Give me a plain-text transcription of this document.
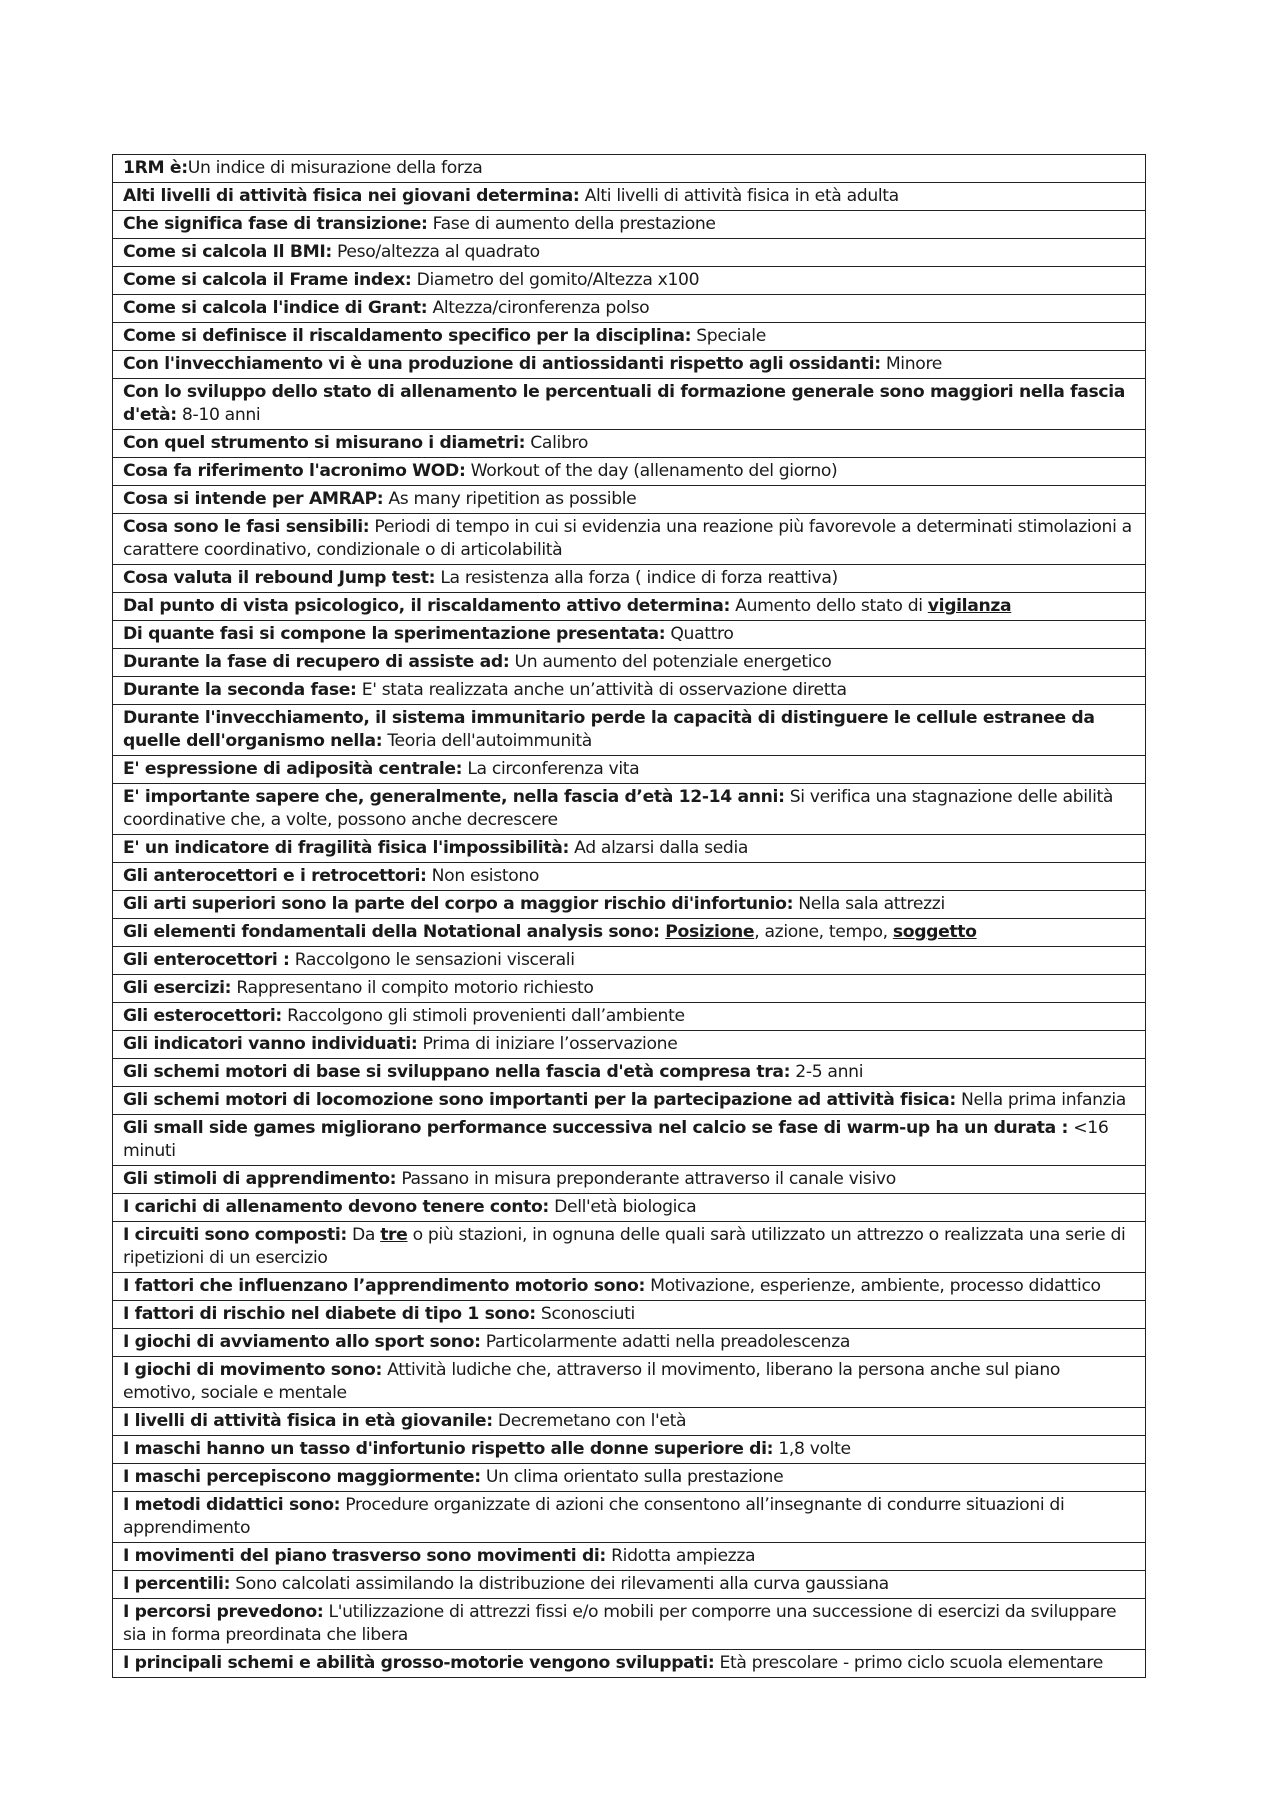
1RM è:Un indice di misurazione della forza
Alti livelli di attività fisica nei giovani determina: Alti livelli di attività fisica in età adulta
Che significa fase di transizione: Fase di aumento della prestazione
Come si calcola Il BMI: Peso/altezza al quadrato
Come si calcola il Frame index: Diametro del gomito/Altezza x100
Come si calcola l'indice di Grant: Altezza/cironferenza polso
Come si definisce il riscaldamento specifico per la disciplina: Speciale
Con l'invecchiamento vi è una produzione di antiossidanti rispetto agli ossidanti: Minore
Con lo sviluppo dello stato di allenamento le percentuali di formazione generale sono maggiori nella fascia d'età: 8-10 anni
Con quel strumento si misurano i diametri: Calibro
Cosa fa riferimento l'acronimo WOD: Workout of the day (allenamento del giorno)
Cosa si intende per AMRAP: As many ripetition as possible
Cosa sono le fasi sensibili: Periodi di tempo in cui si evidenzia una reazione più favorevole a determinati stimolazioni a carattere coordinativo, condizionale o di articolabilità
Cosa valuta il rebound Jump test: La resistenza alla forza ( indice di forza reattiva)
Dal punto di vista psicologico, il riscaldamento attivo determina: Aumento dello stato di vigilanza
Di quante fasi si compone la sperimentazione presentata: Quattro
Durante la fase di recupero di assiste ad: Un aumento del potenziale energetico
Durante la seconda fase: E' stata realizzata anche un’attività di osservazione diretta
Durante l'invecchiamento, il sistema immunitario perde la capacità di distinguere le cellule estranee da quelle dell'organismo nella: Teoria dell'autoimmunità
E' espressione di adiposità centrale: La circonferenza vita
E' importante sapere che, generalmente, nella fascia d’età 12-14 anni: Si verifica una stagnazione delle abilità coordinative che, a volte, possono anche decrescere
E' un indicatore di fragilità fisica l'impossibilità: Ad alzarsi dalla sedia
Gli anterocettori e i retrocettori: Non esistono
Gli arti superiori sono la parte del corpo a maggior rischio di'infortunio: Nella sala attrezzi
Gli elementi fondamentali della Notational analysis sono: Posizione, azione, tempo, soggetto
Gli enterocettori : Raccolgono le sensazioni viscerali
Gli esercizi: Rappresentano il compito motorio richiesto
Gli esterocettori: Raccolgono gli stimoli provenienti dall’ambiente
Gli indicatori vanno individuati: Prima di iniziare l’osservazione
Gli schemi motori di base si sviluppano nella fascia d'età compresa tra: 2-5 anni
Gli schemi motori di locomozione sono importanti per la partecipazione ad attività fisica: Nella prima infanzia
Gli small side games migliorano performance successiva nel calcio se fase di warm-up ha un durata : <16 minuti
Gli stimoli di apprendimento: Passano in misura preponderante attraverso il canale visivo
I carichi di allenamento devono tenere conto: Dell'età biologica
I circuiti sono composti: Da tre o più stazioni, in ognuna delle quali sarà utilizzato un attrezzo o realizzata una serie di ripetizioni di un esercizio
I fattori che influenzano l’apprendimento motorio sono: Motivazione, esperienze, ambiente, processo didattico
I fattori di rischio nel diabete di tipo 1 sono: Sconosciuti
I giochi di avviamento allo sport sono: Particolarmente adatti nella preadolescenza
I giochi di movimento sono: Attività ludiche che, attraverso il movimento, liberano la persona anche sul piano emotivo, sociale e mentale
I livelli di attività fisica in età giovanile: Decremetano con l'età
I maschi hanno un tasso d'infortunio rispetto alle donne superiore di: 1,8 volte
I maschi percepiscono maggiormente: Un clima orientato sulla prestazione
I metodi didattici sono: Procedure organizzate di azioni che consentono all’insegnante di condurre situazioni di apprendimento
I movimenti del piano trasverso sono movimenti di: Ridotta ampiezza
I percentili: Sono calcolati assimilando la distribuzione dei rilevamenti alla curva gaussiana
I percorsi prevedono: L'utilizzazione di attrezzi fissi e/o mobili per comporre una successione di esercizi da sviluppare sia in forma preordinata che libera
I principali schemi e abilità grosso-motorie vengono sviluppati: Età prescolare - primo ciclo scuola elementare
